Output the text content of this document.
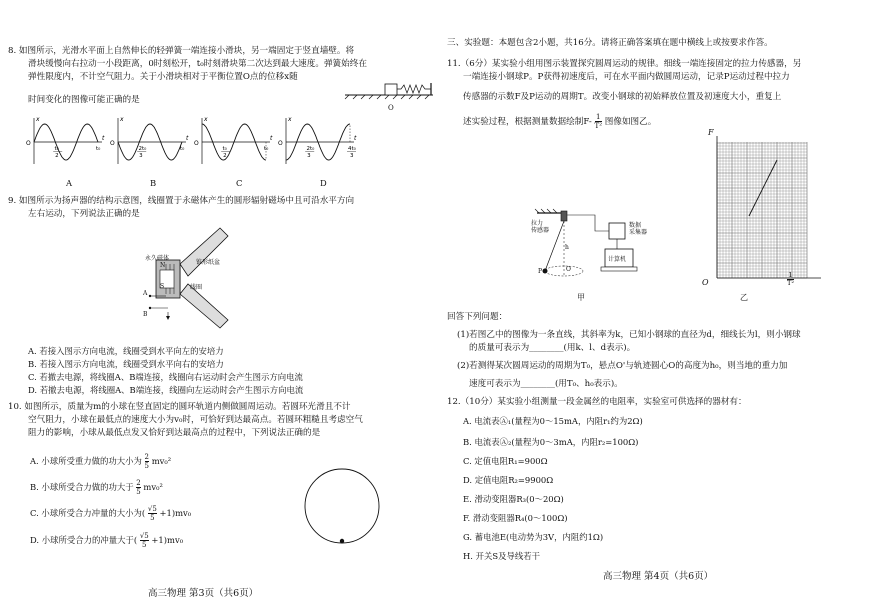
8. 如图所示，光滑水平面上自然伸长的轻弹簧一端连接小滑块，另一端固定于竖直墙壁。将
滑块缓慢向右拉动一小段距离，0时刻松开，t₀时刻滑块第二次达到最大速度。弹簧始终在
弹性限度内，不计空气阻力。关于小滑块相对于平衡位置O点的位移x随
时间变化的图像可能正确的是
O
O
x
t
t₀
2
t₀
O
x
t
2t₀
3
t₀
O
x
t
t₀
2
t₀
O
x
t
2t₀
3
4t₀
3
A	B	C	D
9. 如图所示为扬声器的结构示意图，线圈置于永磁体产生的圆形辐射磁场中且可沿水平方向
左右运动，下列说法正确的是
永久磁体
锥形纸盆
线圈
A
B
N
S
A. 若接入图示方向电流，线圈受到水平向左的安培力
B. 若接入图示方向电流，线圈受到水平向右的安培力
C. 若撤去电源，将线圈A、B端连接，线圈向右运动时会产生图示方向电流
D. 若撤去电源，将线圈A、B端连接，线圈向左运动时会产生图示方向电流
10. 如图所示，质量为m的小球在竖直固定的圆环轨道内侧做圆周运动。若圆环光滑且不计
空气阻力，小球在最低点的速度大小为v₀时，可恰好到达最高点。若圆环粗糙且考虑空气
阻力的影响，小球从最低点发又恰好到达最高点的过程中，下列说法正确的是
A. 小球所受重力做的功大小为 $\frac{2}{5} mv_0^2$
B. 小球所受合力做的功大于 $\frac{2}{5} mv_0^2$
C. 小球所受合力冲量的大小为( $\frac{√5}{5} +1)mv_0$
D. 小球所受合力的冲量大于( $\frac{√5}{5} +1)mv_0$
高三物理 第3页（共6页）
三、实验题：本题包含2小题，共16分。请将正确答案填在题中横线上或按要求作答。
11.（6分）某实验小组用图示装置探究圆周运动的规律。细线一端连接固定的拉力传感器，另
一端连接小钢球P。P获得初速度后，可在水平面内做圆周运动，记录P运动过程中拉力
传感器的示数F及P运动的周期T。改变小钢球的初始释放位置及初速度大小，重复上
述实验过程，根据测量数据绘制$F- \frac{1}{\text{T²}}$ 图像如图乙。
拉力
传感器
数据
采集器
计算机
h
O
P
甲
F
O	$\frac{1}{\text{T²}}$
乙
回答下列问题：
(1)若图乙中的图像为一条直线，其斜率为k，已知小钢球的直径为d，细线长为l，则小钢球
的质量可表示为________(用k、l、d表示)。
(2)若测得某次圆周运动的周期为T₀，悬点O'与轨迹圆心O的高度为h₀，则当地的重力加
速度可表示为________(用T₀、h₀表示)。
12.（10分）某实验小组测量一段金属丝的电阻率，实验室可供选择的器材有：
A. 电流表Ⓐ₁(量程为0～15mA，内阻r₁约为2Ω)
B. 电流表Ⓐ₂(量程为0～3mA，内阻r₂=100Ω)
C. 定值电阻R₁=900Ω
D. 定值电阻R₂=9900Ω
E. 滑动变阻器R₃(0～20Ω)
F. 滑动变阻器R₄(0～100Ω)
G. 蓄电池E(电动势为3V，内阻约1Ω)
H. 开关S及导线若干
高三物理 第4页（共6页）
